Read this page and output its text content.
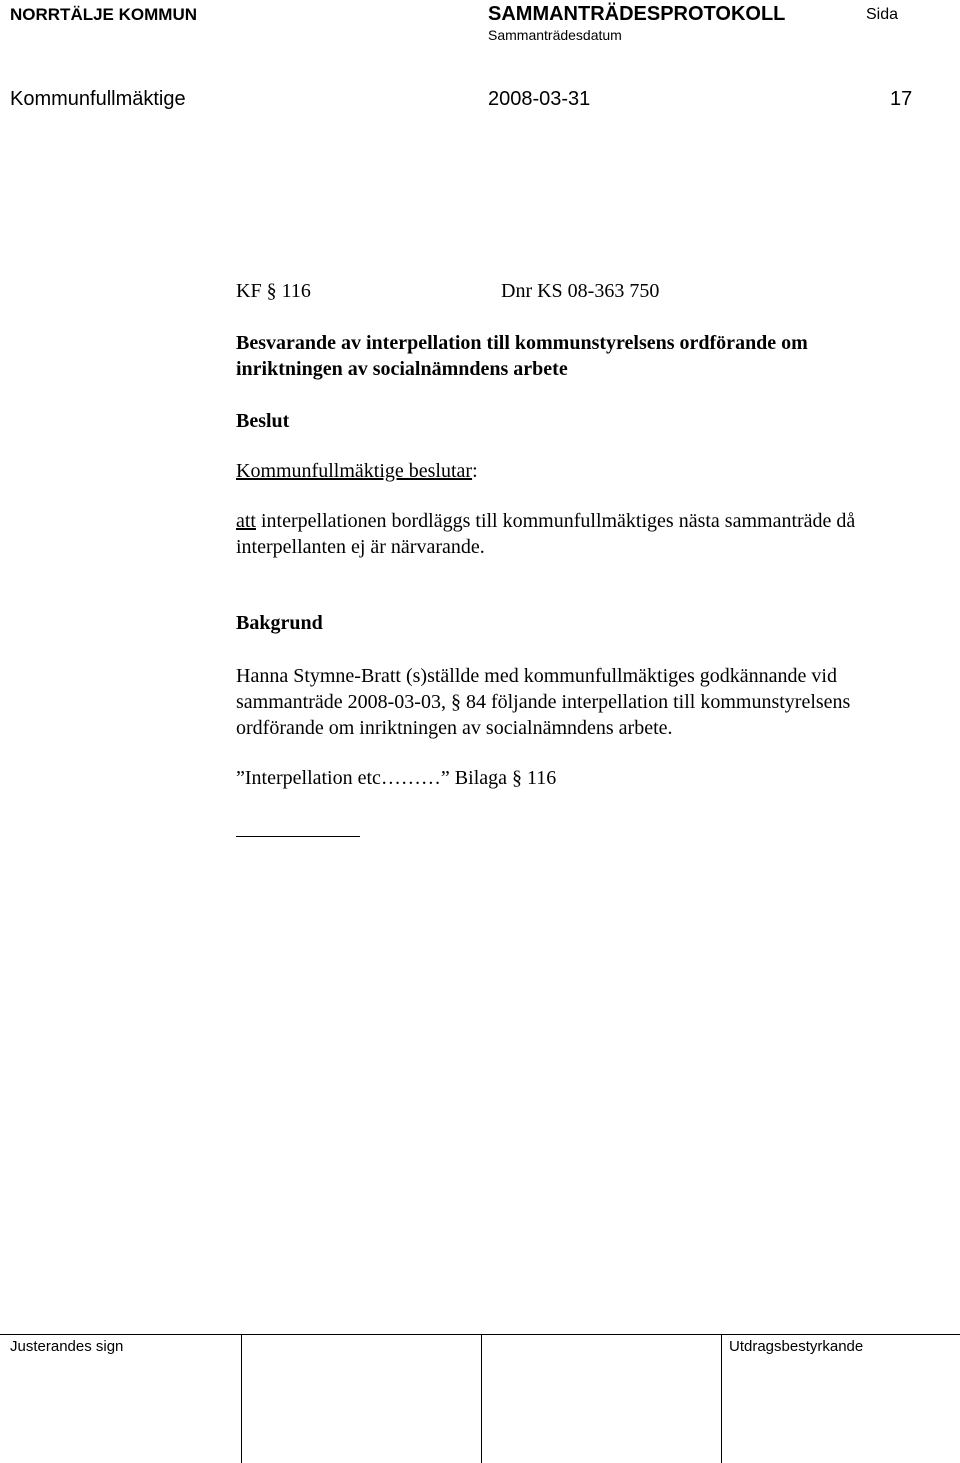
NORRTÄLJE KOMMUN	SAMMANTRÄDESPROTOKOLL
Sammanträdesdatum
Sida
Kommunfullmäktige	2008-03-31	17
KF § 116	Dnr KS 08-363 750
Besvarande av interpellation till kommunstyrelsens ordförande om
inriktningen av socialnämndens arbete
Beslut
Kommunfullmäktige beslutar:
att interpellationen bordläggs till kommunfullmäktiges nästa sammanträde då
interpellanten ej är närvarande.
Bakgrund
Hanna Stymne-Bratt (s)ställde med kommunfullmäktiges godkännande vid
sammanträde 2008-03-03, § 84 följande interpellation till kommunstyrelsens
ordförande om inriktningen av socialnämndens arbete.
”Interpellation etc………” Bilaga § 116
Justerandes sign	Utdragsbestyrkande
